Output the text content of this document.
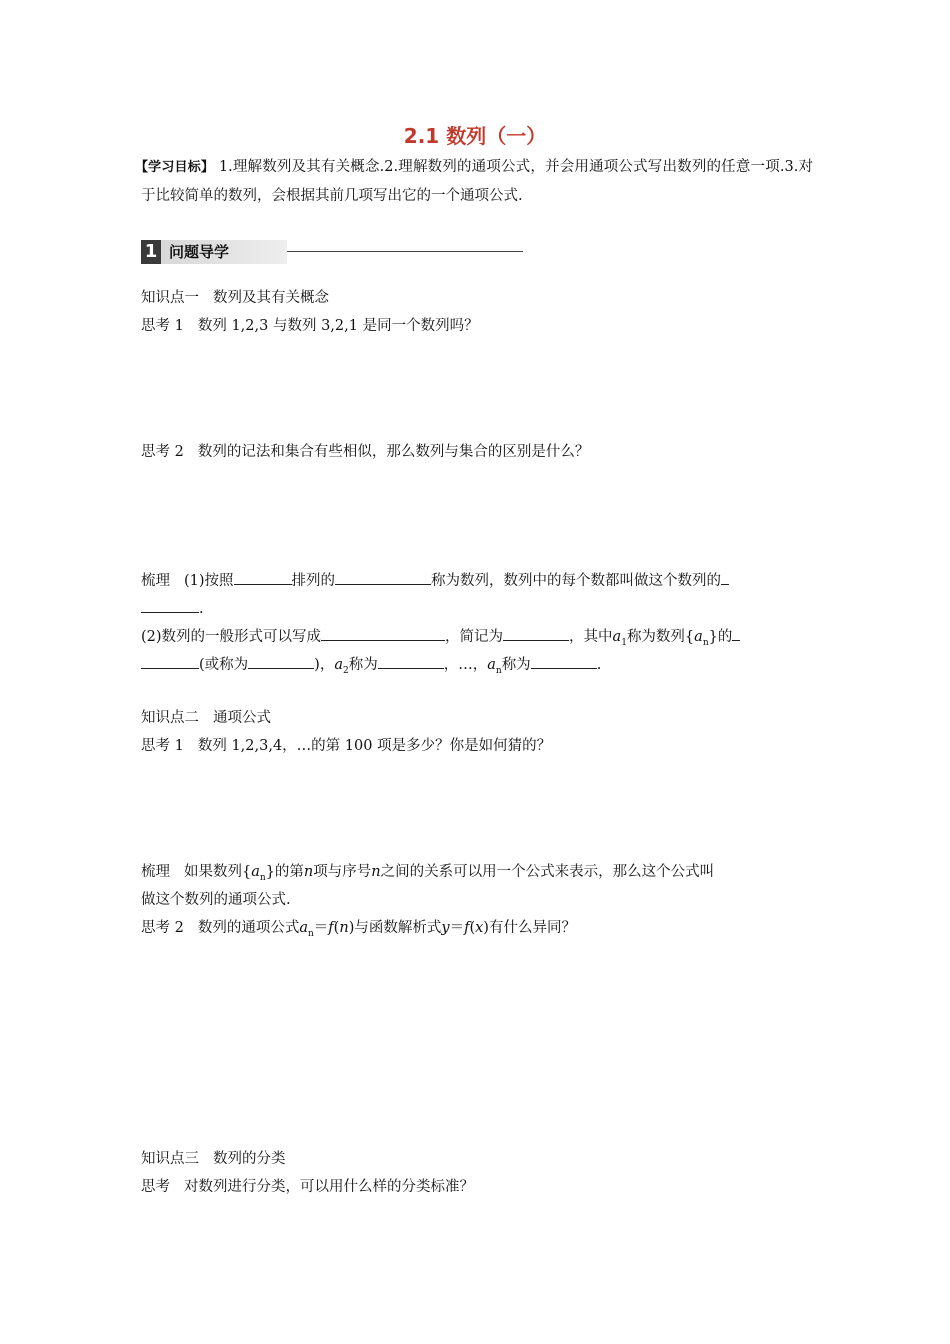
2.1 数列（一）
【学习目标】 1.理解数列及其有关概念.2.理解数列的通项公式，并会用通项公式写出数列的任意一项.3.对于比较简单的数列，会根据其前几项写出它的一个通项公式.
1 问题导学
知识点一 数列及其有关概念
思考 1 数列 1,2,3 与数列 3,2,1 是同一个数列吗？
思考 2 数列的记法和集合有些相似，那么数列与集合的区别是什么？
梳理 (1)按照	排列的	称为数列，数列中的每个数都叫做这个数列的
.
(2)数列的一般形式可以写成	，简记为	，其中$a_1$称为数列$\{a_n\}$的
(或称为	)，$a_2$称为	，…，$a_n$称为	.
知识点二 通项公式
思考 1 数列 1,2,3,4，…的第 100 项是多少？你是如何猜的？
梳理 如果数列$\{a_n\}$的第n项与序号n之间的关系可以用一个公式来表示，那么这个公式叫
做这个数列的通项公式.
思考 2 数列的通项公式$a_n=f(n)$与函数解析式y＝f(x)有什么异同？
知识点三 数列的分类
思考 对数列进行分类，可以用什么样的分类标准？
